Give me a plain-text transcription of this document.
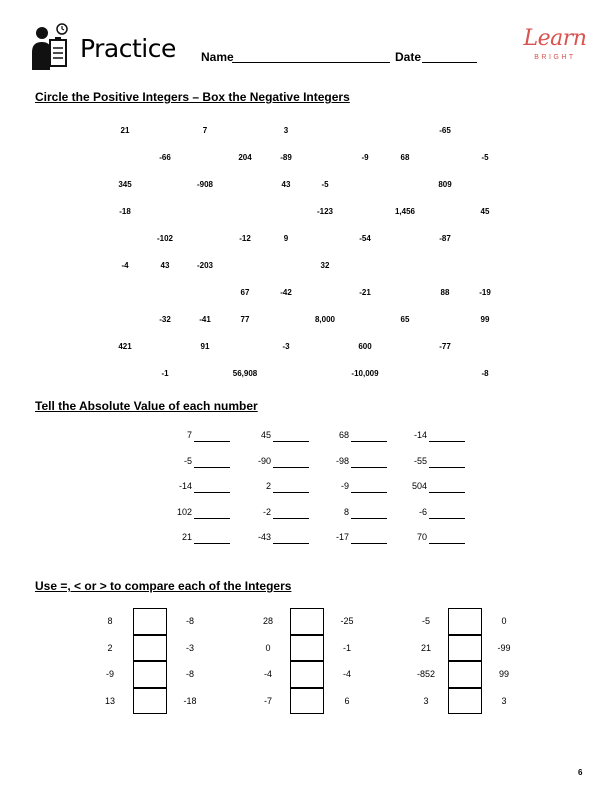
Practice Name	Date
Learn
BRIGHT
Circle the Positive Integers – Box the Negative Integers
21	7	3	-65
-66	204	-89	-9	68	-5
345	-908	43	-5	809
-18	-123	1,456	45
-102	-12	9	-54	-87
-4	43	-203	32
67	-42	-21	88	-19
-32	-41	77	8,000	65	99
421	91	-3	600	-77
-1	56,908	-10,009	-8
Tell the Absolute Value of each number
7	45	68	-14
-5	-90	-98	-55
-14	2	-9	504
102	-2	8	-6
21	-43	-17	70
Use =, < or > to compare each of the Integers
8	-8	28	-25	-5	0
2	-3	0	-1	21	-99
-9	-8	-4	-4	-852	99
13	-18	-7	6	3	3
6
